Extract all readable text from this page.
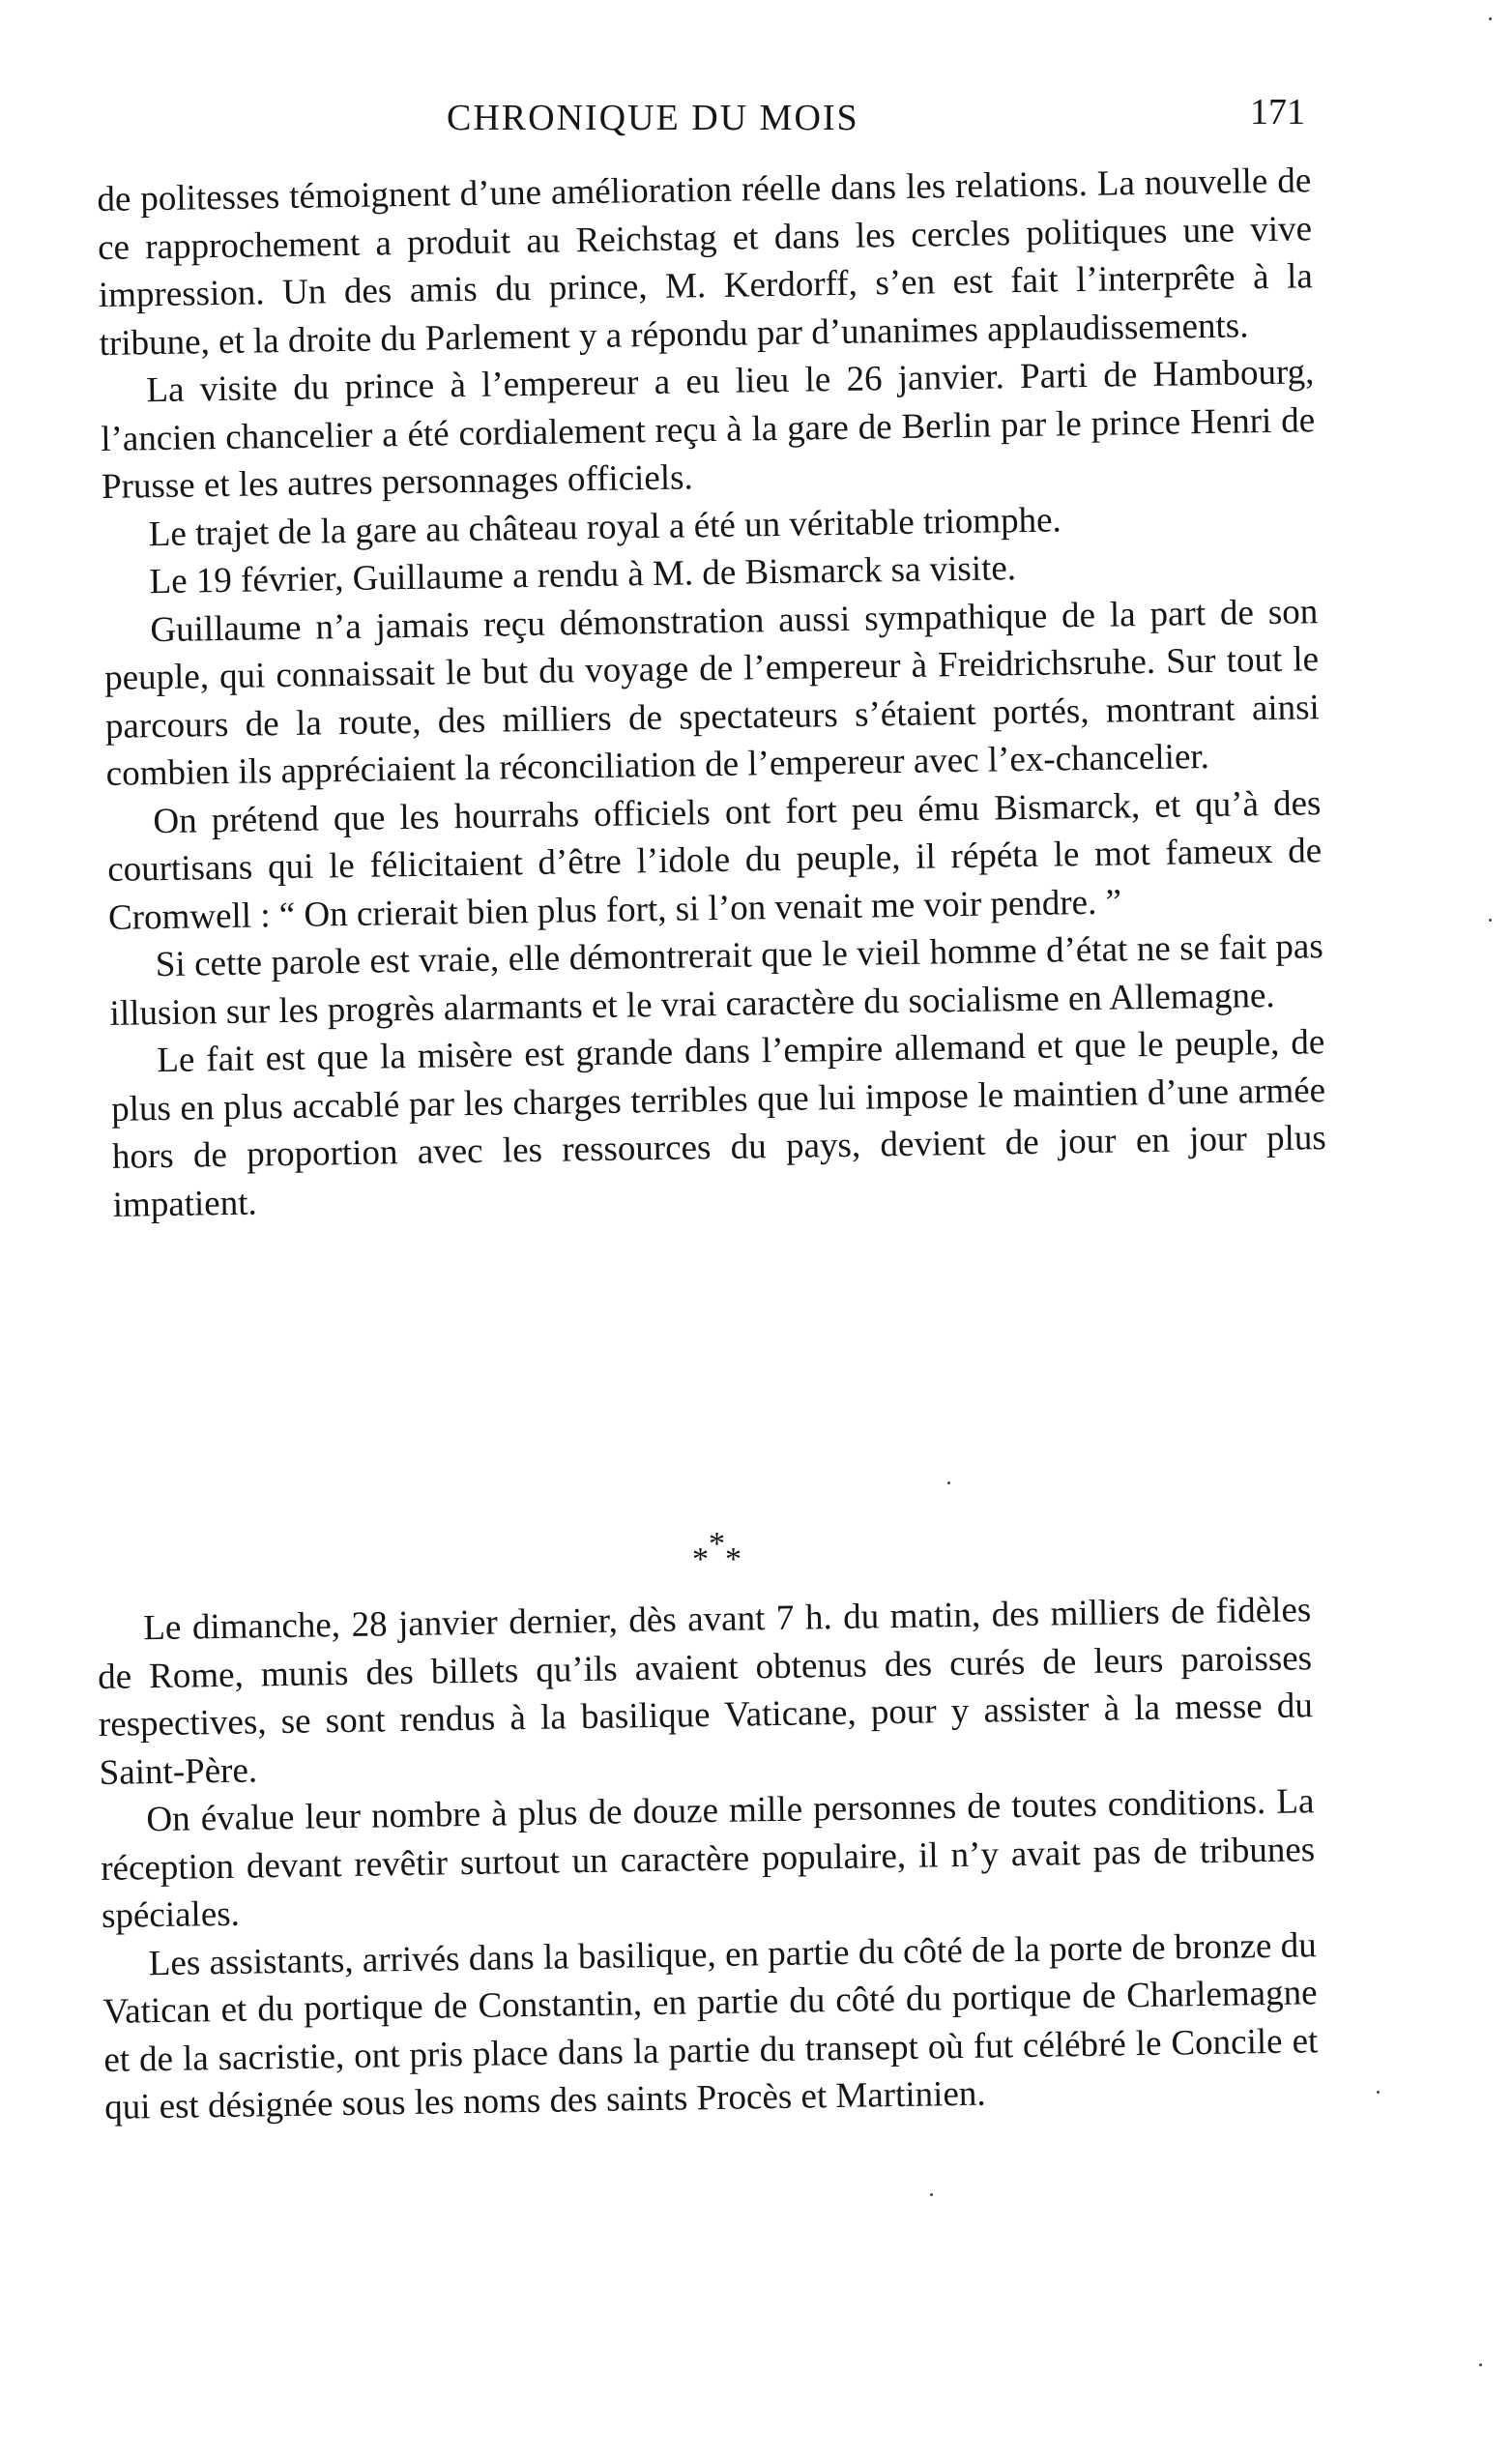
CHRONIQUE DU MOIS	171

de politesses témoignent d’une amélioration réelle dans les relations. La nouvelle de ce rapprochement a produit au Reichstag et dans les cercles politiques une vive impression. Un des amis du prince, M. Kerdorff, s’en est fait l’interprête à la tribune, et la droite du Parlement y a répondu par d’unanimes applaudissements.

La visite du prince à l’empereur a eu lieu le 26 janvier. Parti de Hambourg, l’ancien chancelier a été cordialement reçu à la gare de Berlin par le prince Henri de Prusse et les autres personnages officiels.

Le trajet de la gare au château royal a été un véritable triomphe.

Le 19 février, Guillaume a rendu à M. de Bismarck sa visite.

Guillaume n’a jamais reçu démonstration aussi sympathique de la part de son peuple, qui connaissait le but du voyage de l’empereur à Freidrichsruhe. Sur tout le parcours de la route, des milliers de spectateurs s’étaient portés, montrant ainsi combien ils appréciaient la réconciliation de l’empereur avec l’ex-chancelier.

On prétend que les hourrahs officiels ont fort peu ému Bismarck, et qu’à des courtisans qui le félicitaient d’être l’idole du peuple, il répéta le mot fameux de Cromwell : “ On crierait bien plus fort, si l’on venait me voir pendre. ”

Si cette parole est vraie, elle démontrerait que le vieil homme d’état ne se fait pas illusion sur les progrès alarmants et le vrai caractère du socialisme en Allemagne.

Le fait est que la misère est grande dans l’empire allemand et que le peuple, de plus en plus accablé par les charges terribles que lui impose le maintien d’une armée hors de proportion avec les ressources du pays, devient de jour en jour plus impatient.

*
* *

Le dimanche, 28 janvier dernier, dès avant 7 h. du matin, des milliers de fidèles de Rome, munis des billets qu’ils avaient obtenus des curés de leurs paroisses respectives, se sont rendus à la basilique Vaticane, pour y assister à la messe du Saint-Père.

On évalue leur nombre à plus de douze mille personnes de toutes conditions. La réception devant revêtir surtout un caractère populaire, il n’y avait pas de tribunes spéciales.

Les assistants, arrivés dans la basilique, en partie du côté de la porte de bronze du Vatican et du portique de Constantin, en partie du côté du portique de Charlemagne et de la sacristie, ont pris place dans la partie du transept où fut célébré le Concile et qui est désignée sous les noms des saints Procès et Martinien.
